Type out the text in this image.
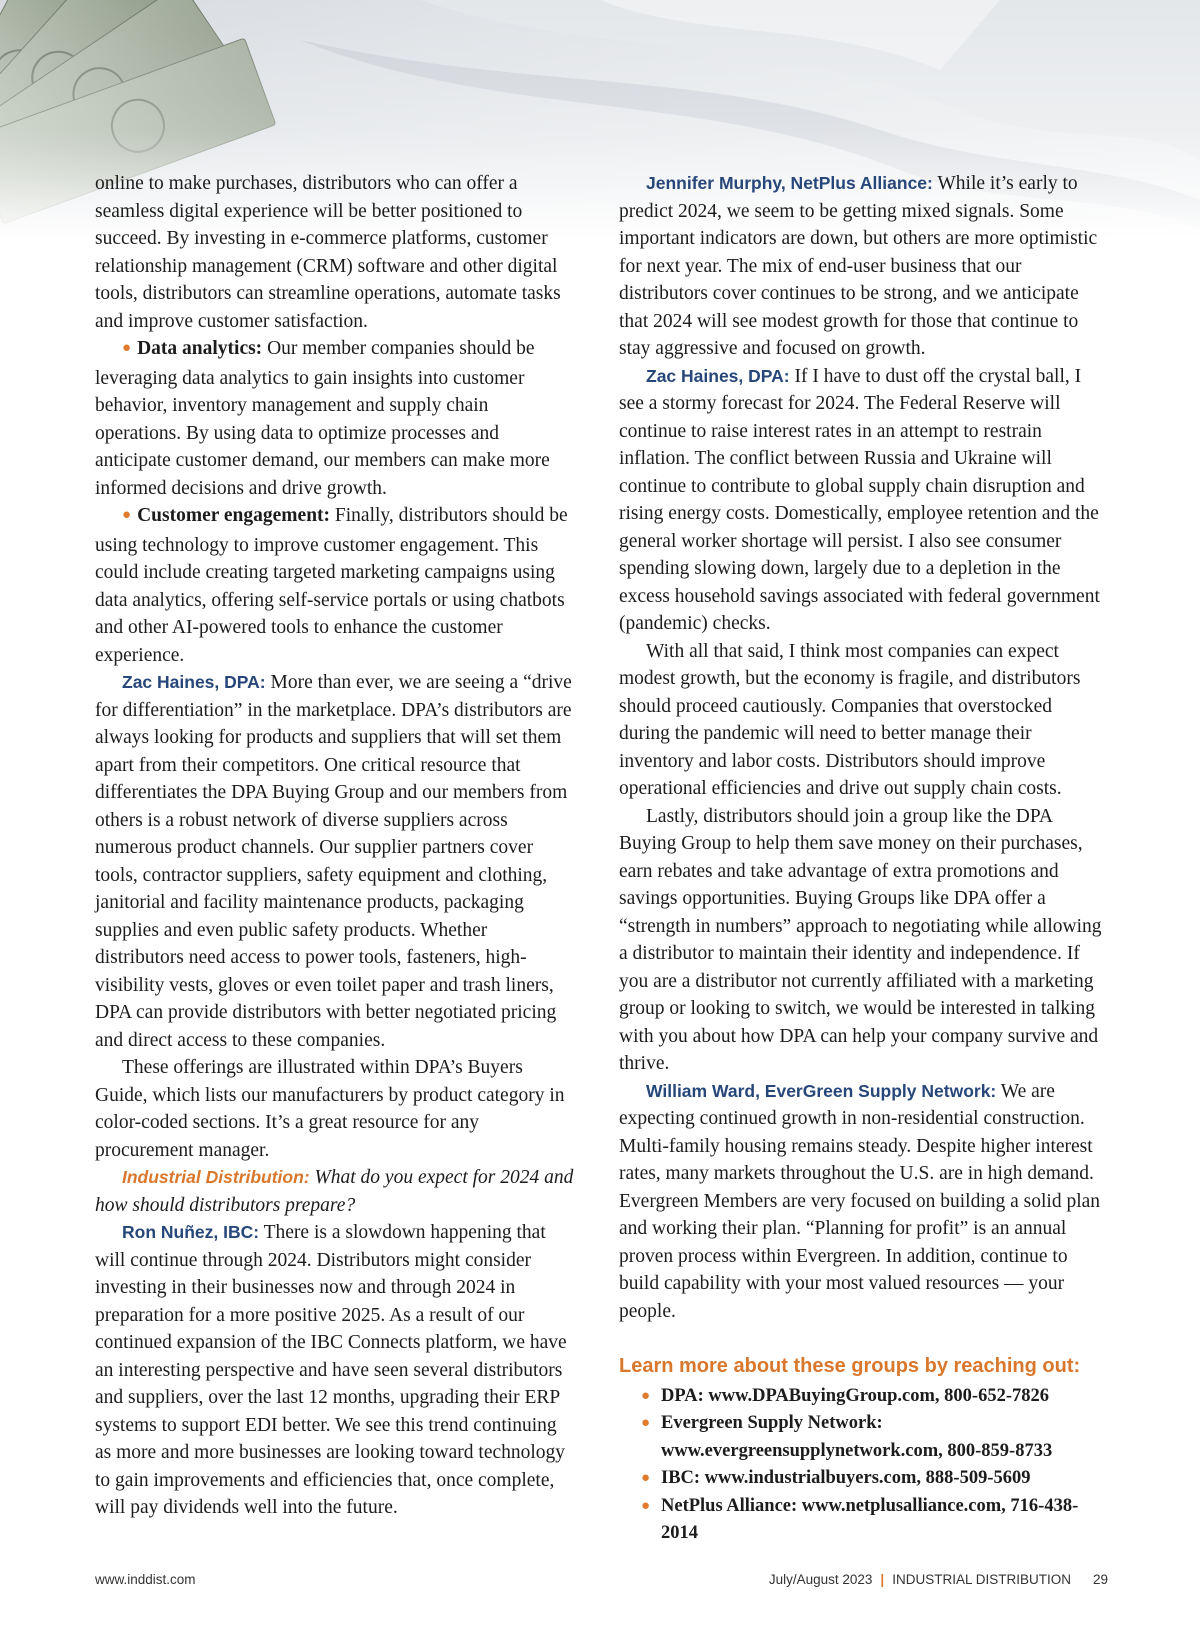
online to make purchases, distributors who can offer a seamless digital experience will be better positioned to succeed. By investing in e-commerce platforms, customer relationship management (CRM) software and other digital tools, distributors can streamline operations, automate tasks and improve customer satisfaction.

● Data analytics: Our member companies should be leveraging data analytics to gain insights into customer behavior, inventory management and supply chain operations. By using data to optimize processes and anticipate customer demand, our members can make more informed decisions and drive growth.

● Customer engagement: Finally, distributors should be using technology to improve customer engagement. This could include creating targeted marketing campaigns using data analytics, offering self-service portals or using chatbots and other AI-powered tools to enhance the customer experience.

Zac Haines, DPA: More than ever, we are seeing a “drive for differentiation” in the marketplace. DPA’s distributors are always looking for products and suppliers that will set them apart from their competitors. One critical resource that differentiates the DPA Buying Group and our members from others is a robust network of diverse suppliers across numerous product channels. Our supplier partners cover tools, contractor suppliers, safety equipment and clothing, janitorial and facility maintenance products, packaging supplies and even public safety products. Whether distributors need access to power tools, fasteners, high-visibility vests, gloves or even toilet paper and trash liners, DPA can provide distributors with better negotiated pricing and direct access to these companies.

These offerings are illustrated within DPA’s Buyers Guide, which lists our manufacturers by product category in color-coded sections. It’s a great resource for any procurement manager.

Industrial Distribution: What do you expect for 2024 and how should distributors prepare?

Ron Nuñez, IBC: There is a slowdown happening that will continue through 2024. Distributors might consider investing in their businesses now and through 2024 in preparation for a more positive 2025. As a result of our continued expansion of the IBC Connects platform, we have an interesting perspective and have seen several distributors and suppliers, over the last 12 months, upgrading their ERP systems to support EDI better. We see this trend continuing as more and more businesses are looking toward technology to gain improvements and efficiencies that, once complete, will pay dividends well into the future.

Jennifer Murphy, NetPlus Alliance: While it’s early to predict 2024, we seem to be getting mixed signals. Some important indicators are down, but others are more optimistic for next year. The mix of end-user business that our distributors cover continues to be strong, and we anticipate that 2024 will see modest growth for those that continue to stay aggressive and focused on growth.

Zac Haines, DPA: If I have to dust off the crystal ball, I see a stormy forecast for 2024. The Federal Reserve will continue to raise interest rates in an attempt to restrain inflation. The conflict between Russia and Ukraine will continue to contribute to global supply chain disruption and rising energy costs. Domestically, employee retention and the general worker shortage will persist. I also see consumer spending slowing down, largely due to a depletion in the excess household savings associated with federal government (pandemic) checks.

With all that said, I think most companies can expect modest growth, but the economy is fragile, and distributors should proceed cautiously. Companies that overstocked during the pandemic will need to better manage their inventory and labor costs. Distributors should improve operational efficiencies and drive out supply chain costs.

Lastly, distributors should join a group like the DPA Buying Group to help them save money on their purchases, earn rebates and take advantage of extra promotions and savings opportunities. Buying Groups like DPA offer a “strength in numbers” approach to negotiating while allowing a distributor to maintain their identity and independence. If you are a distributor not currently affiliated with a marketing group or looking to switch, we would be interested in talking with you about how DPA can help your company survive and thrive.

William Ward, EverGreen Supply Network: We are expecting continued growth in non-residential construction. Multi-family housing remains steady. Despite higher interest rates, many markets throughout the U.S. are in high demand. Evergreen Members are very focused on building a solid plan and working their plan. “Planning for profit” is an annual proven process within Evergreen. In addition, continue to build capability with your most valued resources — your people.

Learn more about these groups by reaching out:
● DPA: www.DPABuyingGroup.com, 800-652-7826
● Evergreen Supply Network: www.evergreensupplynetwork.com, 800-859-8733
● IBC: www.industrialbuyers.com, 888-509-5609
● NetPlus Alliance: www.netplusalliance.com, 716-438-2014
www.inddist.com	July/August 2023 | INDUSTRIAL DISTRIBUTION 29
